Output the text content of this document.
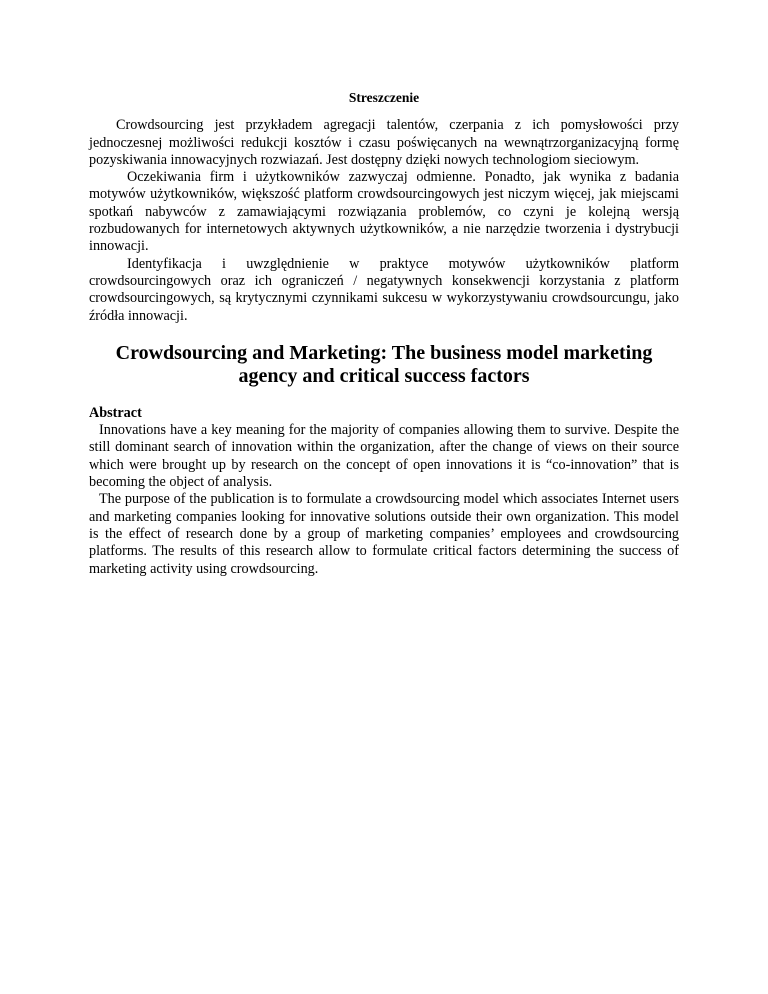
Streszczenie

Crowdsourcing jest przykładem agregacji talentów, czerpania z ich pomysłowości przy jednoczesnej możliwości redukcji kosztów i czasu poświęcanych na wewnątrzorganizacyjną formę pozyskiwania innowacyjnych rozwiazań. Jest dostępny dzięki nowych technologiom sieciowym.

Oczekiwania firm i użytkowników zazwyczaj odmienne. Ponadto, jak wynika z badania motywów użytkowników, większość platform crowdsourcingowych jest niczym więcej, jak miejscami spotkań nabywców z zamawiającymi rozwiązania problemów, co czyni je kolejną wersją rozbudowanych for internetowych aktywnych użytkowników, a nie narzędzie tworzenia i dystrybucji innowacji.

Identyfikacja i uwzględnienie w praktyce motywów użytkowników platform crowdsourcingowych oraz ich ograniczeń / negatywnych konsekwencji korzystania z platform crowdsourcingowych, są krytycznymi czynnikami sukcesu w wykorzystywaniu crowdsourcungu, jako źródła innowacji.

Crowdsourcing and Marketing: The business model marketing agency and critical success factors

Abstract

Innovations have a key meaning for the majority of companies allowing them to survive. Despite the still dominant search of innovation within the organization, after the change of views on their source which were brought up by research on the concept of open innovations it is “co-innovation” that is becoming the object of analysis.

The purpose of the publication is to formulate a crowdsourcing model which associates Internet users and marketing companies looking for innovative solutions outside their own organization. This model is the effect of research done by a group of marketing companies’ employees and crowdsourcing platforms. The results of this research allow to formulate critical factors determining the success of marketing activity using crowdsourcing.
